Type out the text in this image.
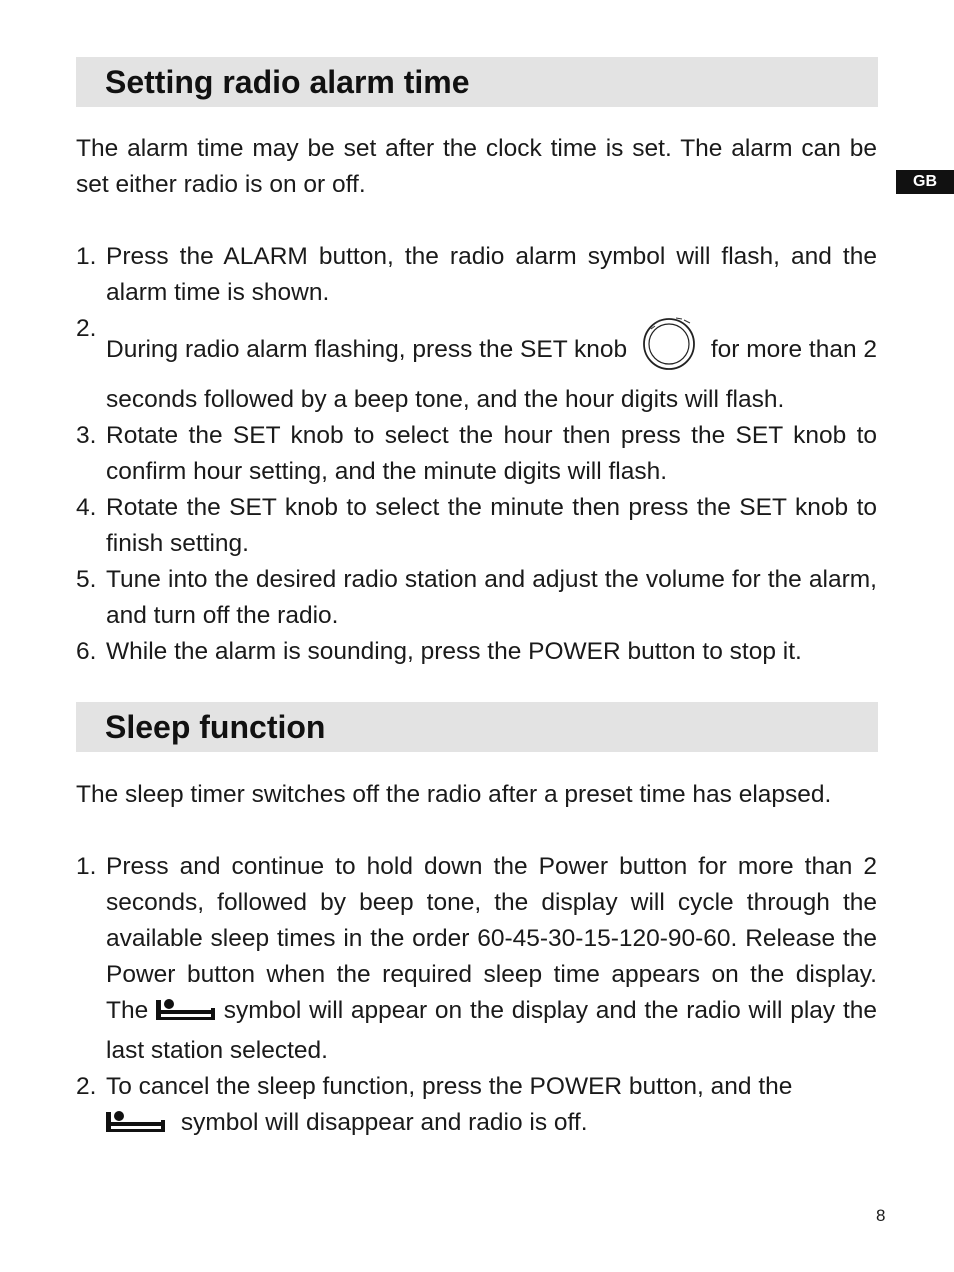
GB
Setting radio alarm time
The alarm time may be set after the clock time is set. The alarm can be set either radio is on or off.
1. Press the ALARM button, the radio alarm symbol will flash, and the alarm time is shown.
2.
During radio alarm flashing, press the SET knob	for more than 2 seconds followed by a beep tone, and the hour digits will flash.
3. Rotate the SET knob to select the hour then press the SET knob to confirm hour setting, and the minute digits will flash.
4. Rotate the SET knob to select the minute then press the SET knob to finish setting.
5. Tune into the desired radio station and adjust the volume for the alarm, and turn off the radio.
6. While the alarm is sounding, press the POWER button to stop it.
Sleep function
The sleep timer switches off the radio after a preset time has elapsed.
1. Press and continue to hold down the Power button for more than 2 seconds, followed by beep tone, the display will cycle through the available sleep times in the order 60-45-30-15-120-90-60. Release the Power button when the required sleep time appears on the display. The	symbol will appear on the display and the radio will play the last station selected.
2. To cancel the sleep function, press the POWER button, and the
symbol will disappear and radio is off.
8
